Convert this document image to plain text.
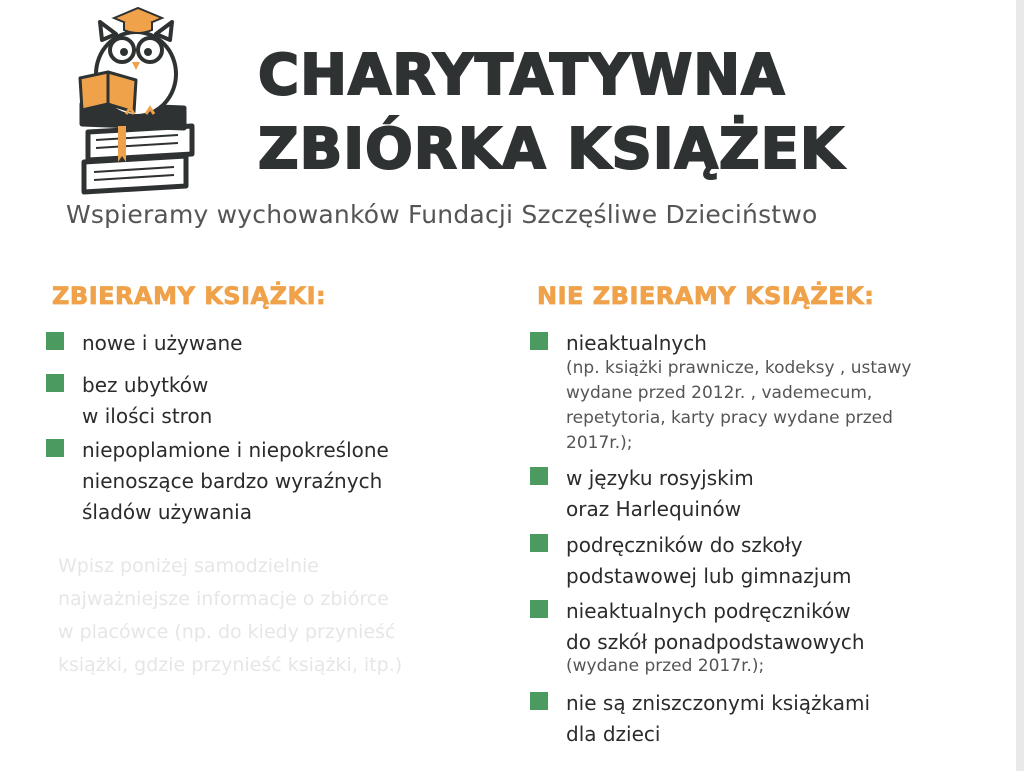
CHARYTATYWNA
ZBIÓRKA KSIĄŻEK
Wspieramy wychowanków Fundacji Szczęśliwe Dzieciństwo
ZBIERAMY KSIĄŻKI:
nowe i używane
bez ubytków
w ilości stron
niepoplamione i niepokreślone
nienoszące bardzo wyraźnych
śladów używania
Wpisz poniżej samodzielnie
najważniejsze informacje o zbiórce
w placówce (np. do kiedy przynieść
książki, gdzie przynieść książki, itp.)
NIE ZBIERAMY KSIĄŻEK:
nieaktualnych
(np. książki prawnicze, kodeksy , ustawy
wydane przed 2012r. , vademecum,
repetytoria, karty pracy wydane przed
2017r.);
w języku rosyjskim
oraz Harlequinów
podręczników do szkoły
podstawowej lub gimnazjum
nieaktualnych podręczników
do szkół ponadpodstawowych
(wydane przed 2017r.);
nie są zniszczonymi książkami
dla dzieci
